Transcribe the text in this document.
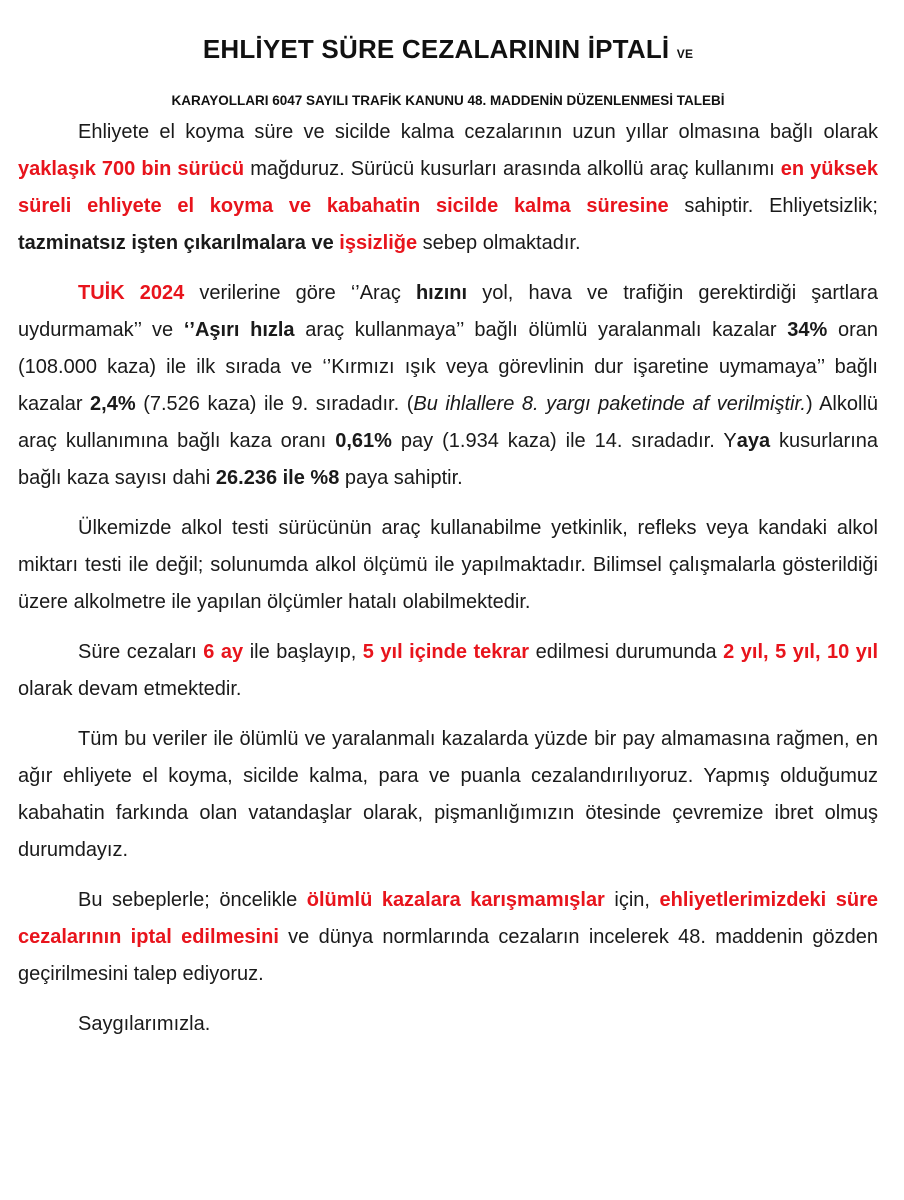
EHLİYET SÜRE CEZALARININ İPTALİ VE
KARAYOLLARI 6047 SAYILI TRAFİK KANUNU 48. MADDENİN DÜZENLENMESİ TALEBİ

Ehliyete el koyma süre ve sicilde kalma cezalarının uzun yıllar olmasına bağlı olarak yaklaşık 700 bin sürücü mağduruz. Sürücü kusurları arasında alkollü araç kullanımı en yüksek süreli ehliyete el koyma ve kabahatin sicilde kalma süresine sahiptir. Ehliyetsizlik; tazminatsız işten çıkarılmalara ve işsizliğe sebep olmaktadır.

TUİK 2024 verilerine göre ‘’Araç hızını yol, hava ve trafiğin gerektirdiği şartlara uydurmamak’’ ve ‘’Aşırı hızla araç kullanmaya’’ bağlı ölümlü yaralanmalı kazalar 34% oran (108.000 kaza) ile ilk sırada ve ‘’Kırmızı ışık veya görevlinin dur işaretine uymamaya’’ bağlı kazalar 2,4% (7.526 kaza) ile 9. sıradadır. (Bu ihlallere 8. yargı paketinde af verilmiştir.) Alkollü araç kullanımına bağlı kaza oranı 0,61% pay (1.934 kaza) ile 14. sıradadır. Yaya kusurlarına bağlı kaza sayısı dahi 26.236 ile %8 paya sahiptir.

Ülkemizde alkol testi sürücünün araç kullanabilme yetkinlik, refleks veya kandaki alkol miktarı testi ile değil; solunumda alkol ölçümü ile yapılmaktadır. Bilimsel çalışmalarla gösterildiği üzere alkolmetre ile yapılan ölçümler hatalı olabilmektedir.

Süre cezaları 6 ay ile başlayıp, 5 yıl içinde tekrar edilmesi durumunda 2 yıl, 5 yıl, 10 yıl olarak devam etmektedir.

Tüm bu veriler ile ölümlü ve yaralanmalı kazalarda yüzde bir pay almamasına rağmen, en ağır ehliyete el koyma, sicilde kalma, para ve puanla cezalandırılıyoruz. Yapmış olduğumuz kabahatin farkında olan vatandaşlar olarak, pişmanlığımızın ötesinde çevremize ibret olmuş durumdayız.

Bu sebeplerle; öncelikle ölümlü kazalara karışmamışlar için, ehliyetlerimizdeki süre cezalarının iptal edilmesini ve dünya normlarında cezaların incelerek 48. maddenin gözden geçirilmesini talep ediyoruz.

Saygılarımızla.
